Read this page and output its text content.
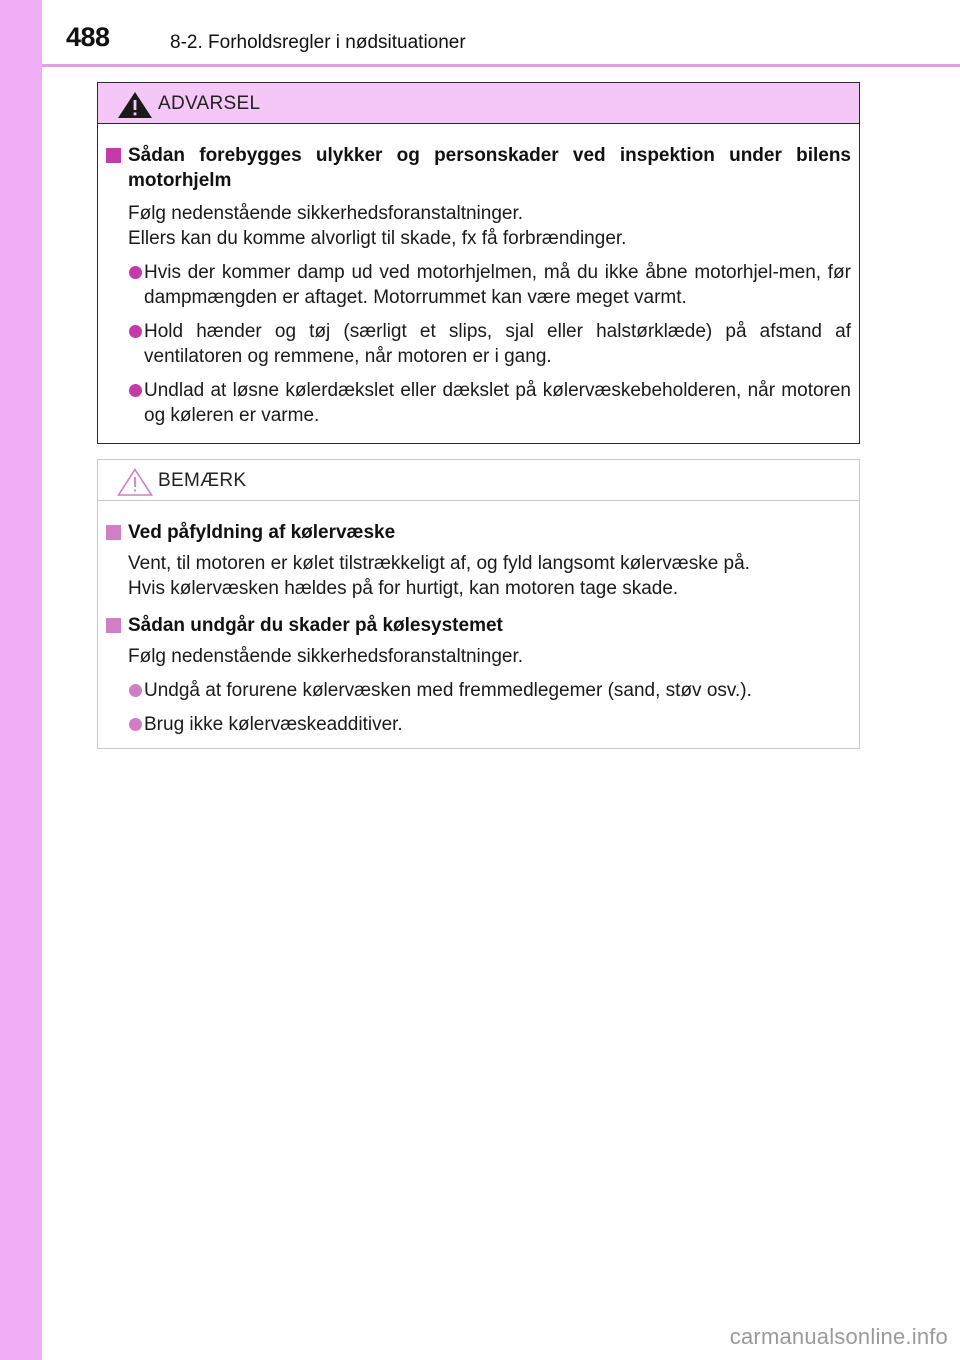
488	8-2. Forholdsregler i nødsituationer
ADVARSEL
Sådan forebygges ulykker og personskader ved inspektion under bilens motorhjelm
Følg nedenstående sikkerhedsforanstaltninger.
Ellers kan du komme alvorligt til skade, fx få forbrændinger.
Hvis der kommer damp ud ved motorhjelmen, må du ikke åbne motorhjel-men, før dampmængden er aftaget. Motorrummet kan være meget varmt.
Hold hænder og tøj (særligt et slips, sjal eller halstørklæde) på afstand af ventilatoren og remmene, når motoren er i gang.
Undlad at løsne kølerdækslet eller dækslet på kølervæskebeholderen, når motoren og køleren er varme.
BEMÆRK
Ved påfyldning af kølervæske
Vent, til motoren er kølet tilstrækkeligt af, og fyld langsomt kølervæske på.
Hvis kølervæsken hældes på for hurtigt, kan motoren tage skade.
Sådan undgår du skader på kølesystemet
Følg nedenstående sikkerhedsforanstaltninger.
Undgå at forurene kølervæsken med fremmedlegemer (sand, støv osv.).
Brug ikke kølervæskeadditiver.
carmanualsonline.info
